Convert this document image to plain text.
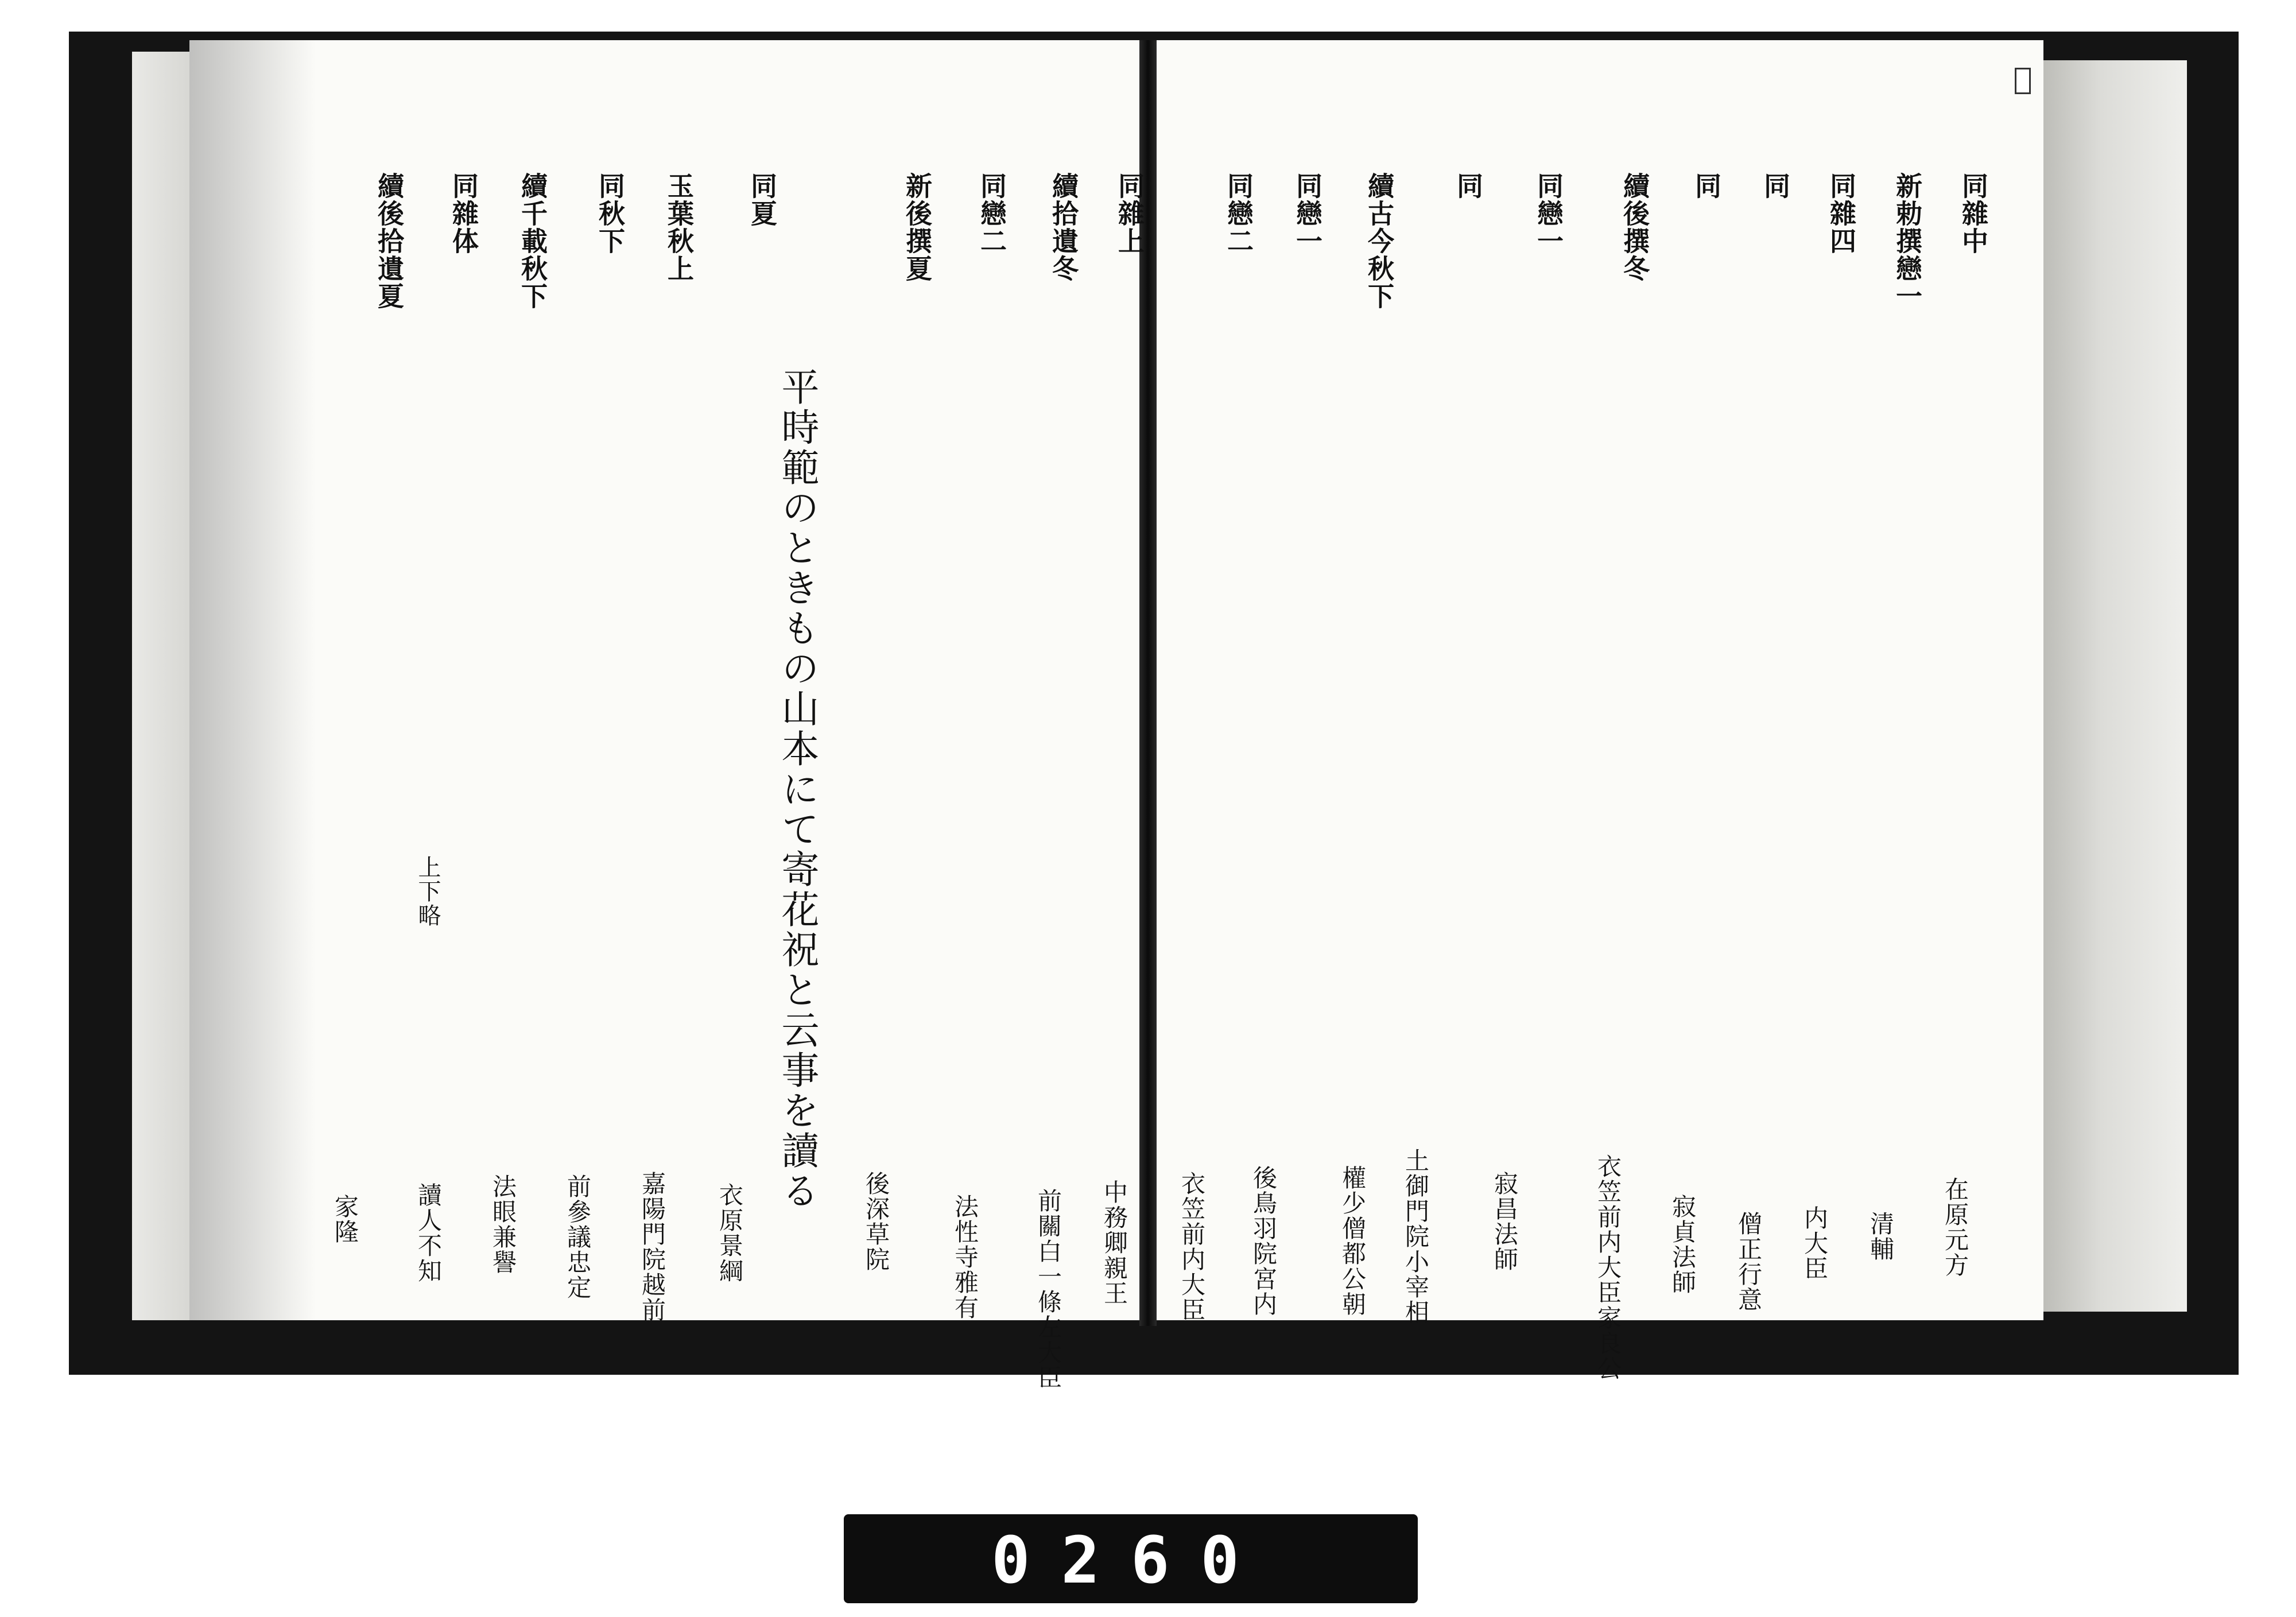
同雜中
新勅撰戀一
在原元方
同雜四
清輔
同
内大臣
同
僧正行意
續後撰冬
寂貞法師
同戀一
衣笠前内大臣家良公
同
寂昌法師
續古今秋下
土御門院小宰相
同戀一
權少僧都公朝
同戀二
後鳥羽院宮内
衣笠前内大臣
同雜上
中務卿親王
續拾遺冬
前關白一條左大臣
同戀二
法性寺雅有
新後撰夏
後深草院
平時範のときもの山本にて寄花祝と云事を讀る
同夏
衣原景綱
玉葉秋上
嘉陽門院越前
同秋下
前參議忠定
續千載秋下
法眼兼譽
同雜体
上下略
讀人不知
續後拾遺夏
家隆
0260
